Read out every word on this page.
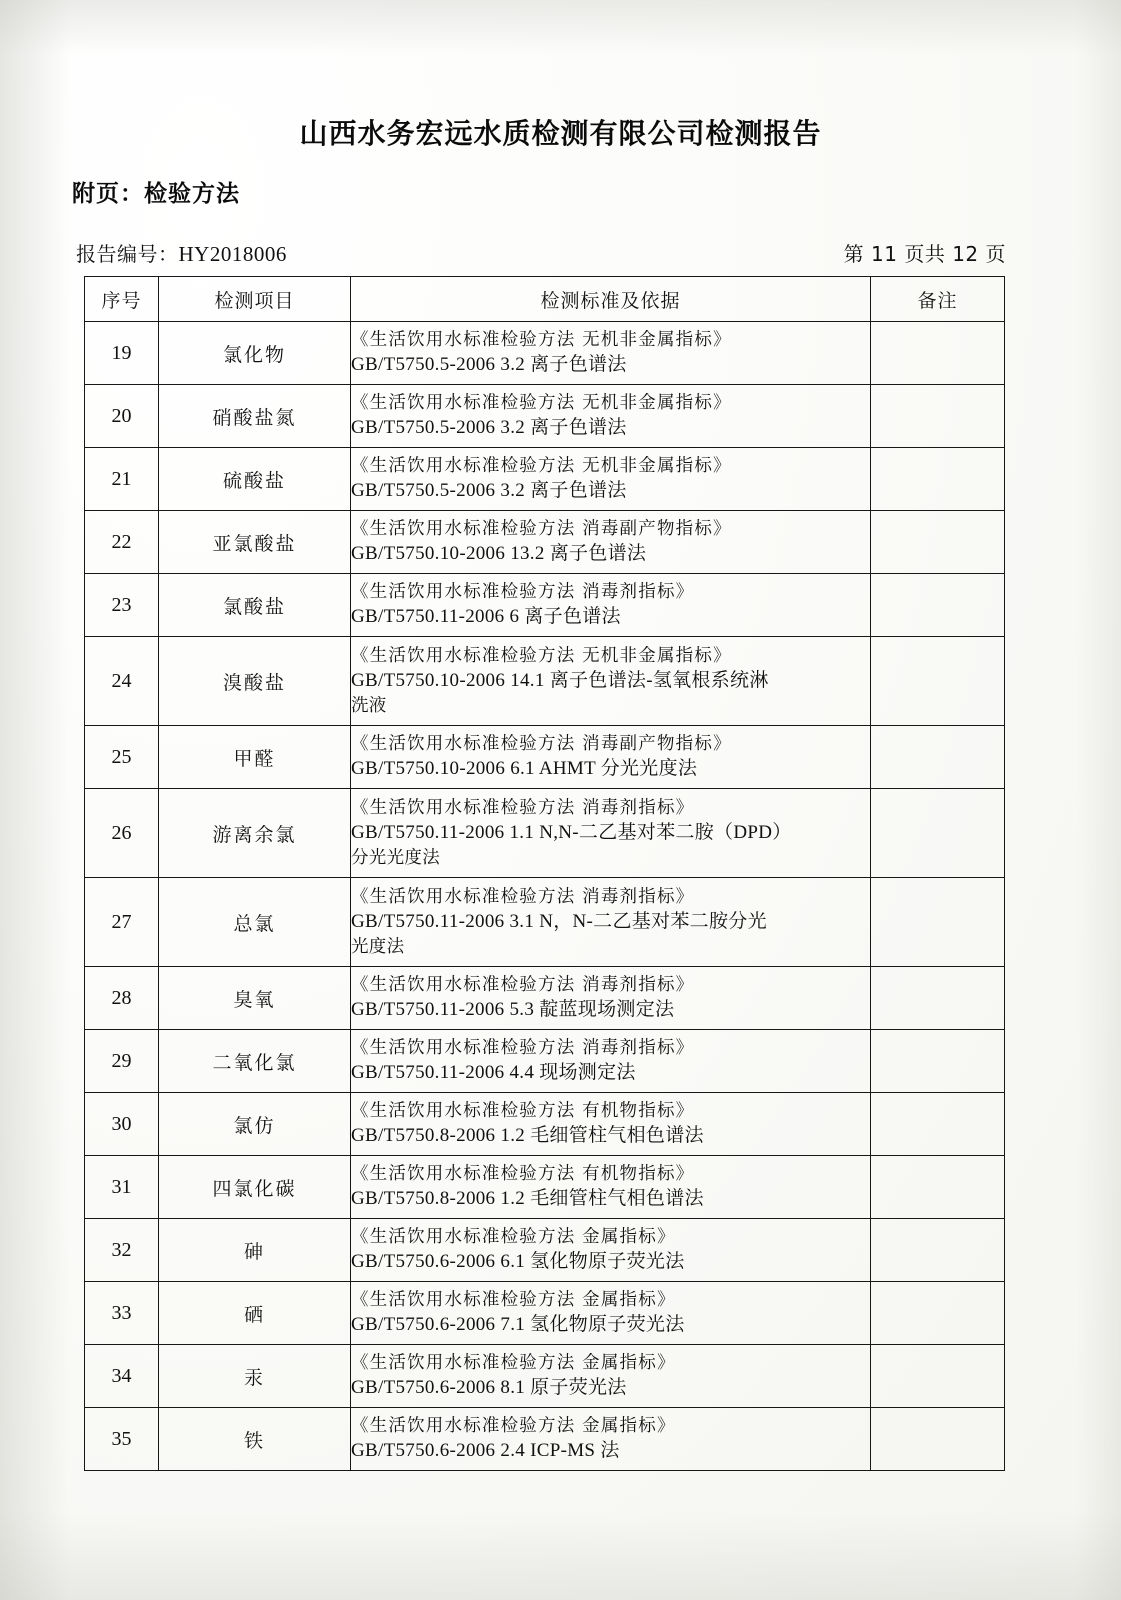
山西水务宏远水质检测有限公司检测报告
附页：检验方法
报告编号：HY2018006	第 11 页共 12 页
序号	检测项目	检测标准及依据	备注
19	氯化物	《生活饮用水标准检验方法 无机非金属指标》
GB/T5750.5-2006 3.2 离子色谱法	

20	硝酸盐氮	《生活饮用水标准检验方法 无机非金属指标》
GB/T5750.5-2006 3.2 离子色谱法	

21	硫酸盐	《生活饮用水标准检验方法 无机非金属指标》
GB/T5750.5-2006 3.2 离子色谱法	

22	亚氯酸盐	《生活饮用水标准检验方法 消毒副产物指标》
GB/T5750.10-2006 13.2 离子色谱法	

23	氯酸盐	《生活饮用水标准检验方法 消毒剂指标》
GB/T5750.11-2006 6 离子色谱法	

24	溴酸盐	《生活饮用水标准检验方法 无机非金属指标》
GB/T5750.10-2006 14.1 离子色谱法-氢氧根系统淋
洗液	

25	甲醛	《生活饮用水标准检验方法 消毒副产物指标》
GB/T5750.10-2006 6.1 AHMT 分光光度法	

26	游离余氯	《生活饮用水标准检验方法 消毒剂指标》
GB/T5750.11-2006 1.1 N,N-二乙基对苯二胺（DPD）
分光光度法	

27	总氯	《生活饮用水标准检验方法 消毒剂指标》
GB/T5750.11-2006 3.1 N，N-二乙基对苯二胺分光
光度法	

28	臭氧	《生活饮用水标准检验方法 消毒剂指标》
GB/T5750.11-2006 5.3 靛蓝现场测定法	

29	二氧化氯	《生活饮用水标准检验方法 消毒剂指标》
GB/T5750.11-2006 4.4 现场测定法	

30	氯仿	《生活饮用水标准检验方法 有机物指标》
GB/T5750.8-2006 1.2 毛细管柱气相色谱法	

31	四氯化碳	《生活饮用水标准检验方法 有机物指标》
GB/T5750.8-2006 1.2 毛细管柱气相色谱法	

32	砷	《生活饮用水标准检验方法 金属指标》
GB/T5750.6-2006 6.1 氢化物原子荧光法	

33	硒	《生活饮用水标准检验方法 金属指标》
GB/T5750.6-2006 7.1 氢化物原子荧光法	

34	汞	《生活饮用水标准检验方法 金属指标》
GB/T5750.6-2006 8.1 原子荧光法	

35	铁	《生活饮用水标准检验方法 金属指标》
GB/T5750.6-2006 2.4 ICP-MS 法	
